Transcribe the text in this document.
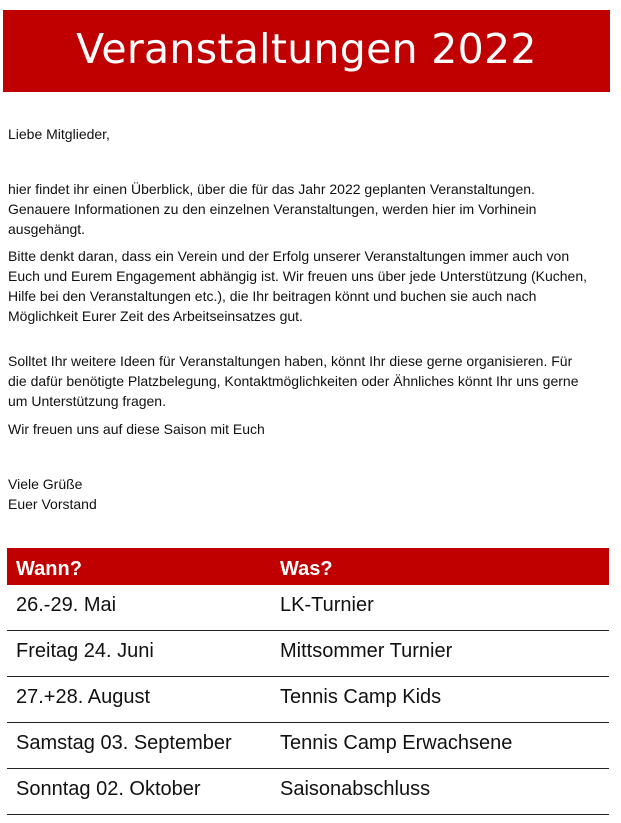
Veranstaltungen 2022

Liebe Mitglieder,

hier findet ihr einen Überblick, über die für das Jahr 2022 geplanten Veranstaltungen.

Genauere Informationen zu den einzelnen Veranstaltungen, werden hier im Vorhinein

ausgehängt.

Bitte denkt daran, dass ein Verein und der Erfolg unserer Veranstaltungen immer auch von

Euch und Eurem Engagement abhängig ist. Wir freuen uns über jede Unterstützung (Kuchen,

Hilfe bei den Veranstaltungen etc.), die Ihr beitragen könnt und buchen sie auch nach

Möglichkeit Eurer Zeit des Arbeitseinsatzes gut.

Solltet Ihr weitere Ideen für Veranstaltungen haben, könnt Ihr diese gerne organisieren. Für

die dafür benötigte Platzbelegung, Kontaktmöglichkeiten oder Ähnliches könnt Ihr uns gerne

um Unterstützung fragen.

Wir freuen uns auf diese Saison mit Euch

Viele Grüße

Euer Vorstand

Wann?	Was?
26.-29. Mai	LK-Turnier
Freitag 24. Juni	Mittsommer Turnier
27.+28. August	Tennis Camp Kids
Samstag 03. September Tennis Camp Erwachsene
Sonntag 02. Oktober	Saisonabschluss
